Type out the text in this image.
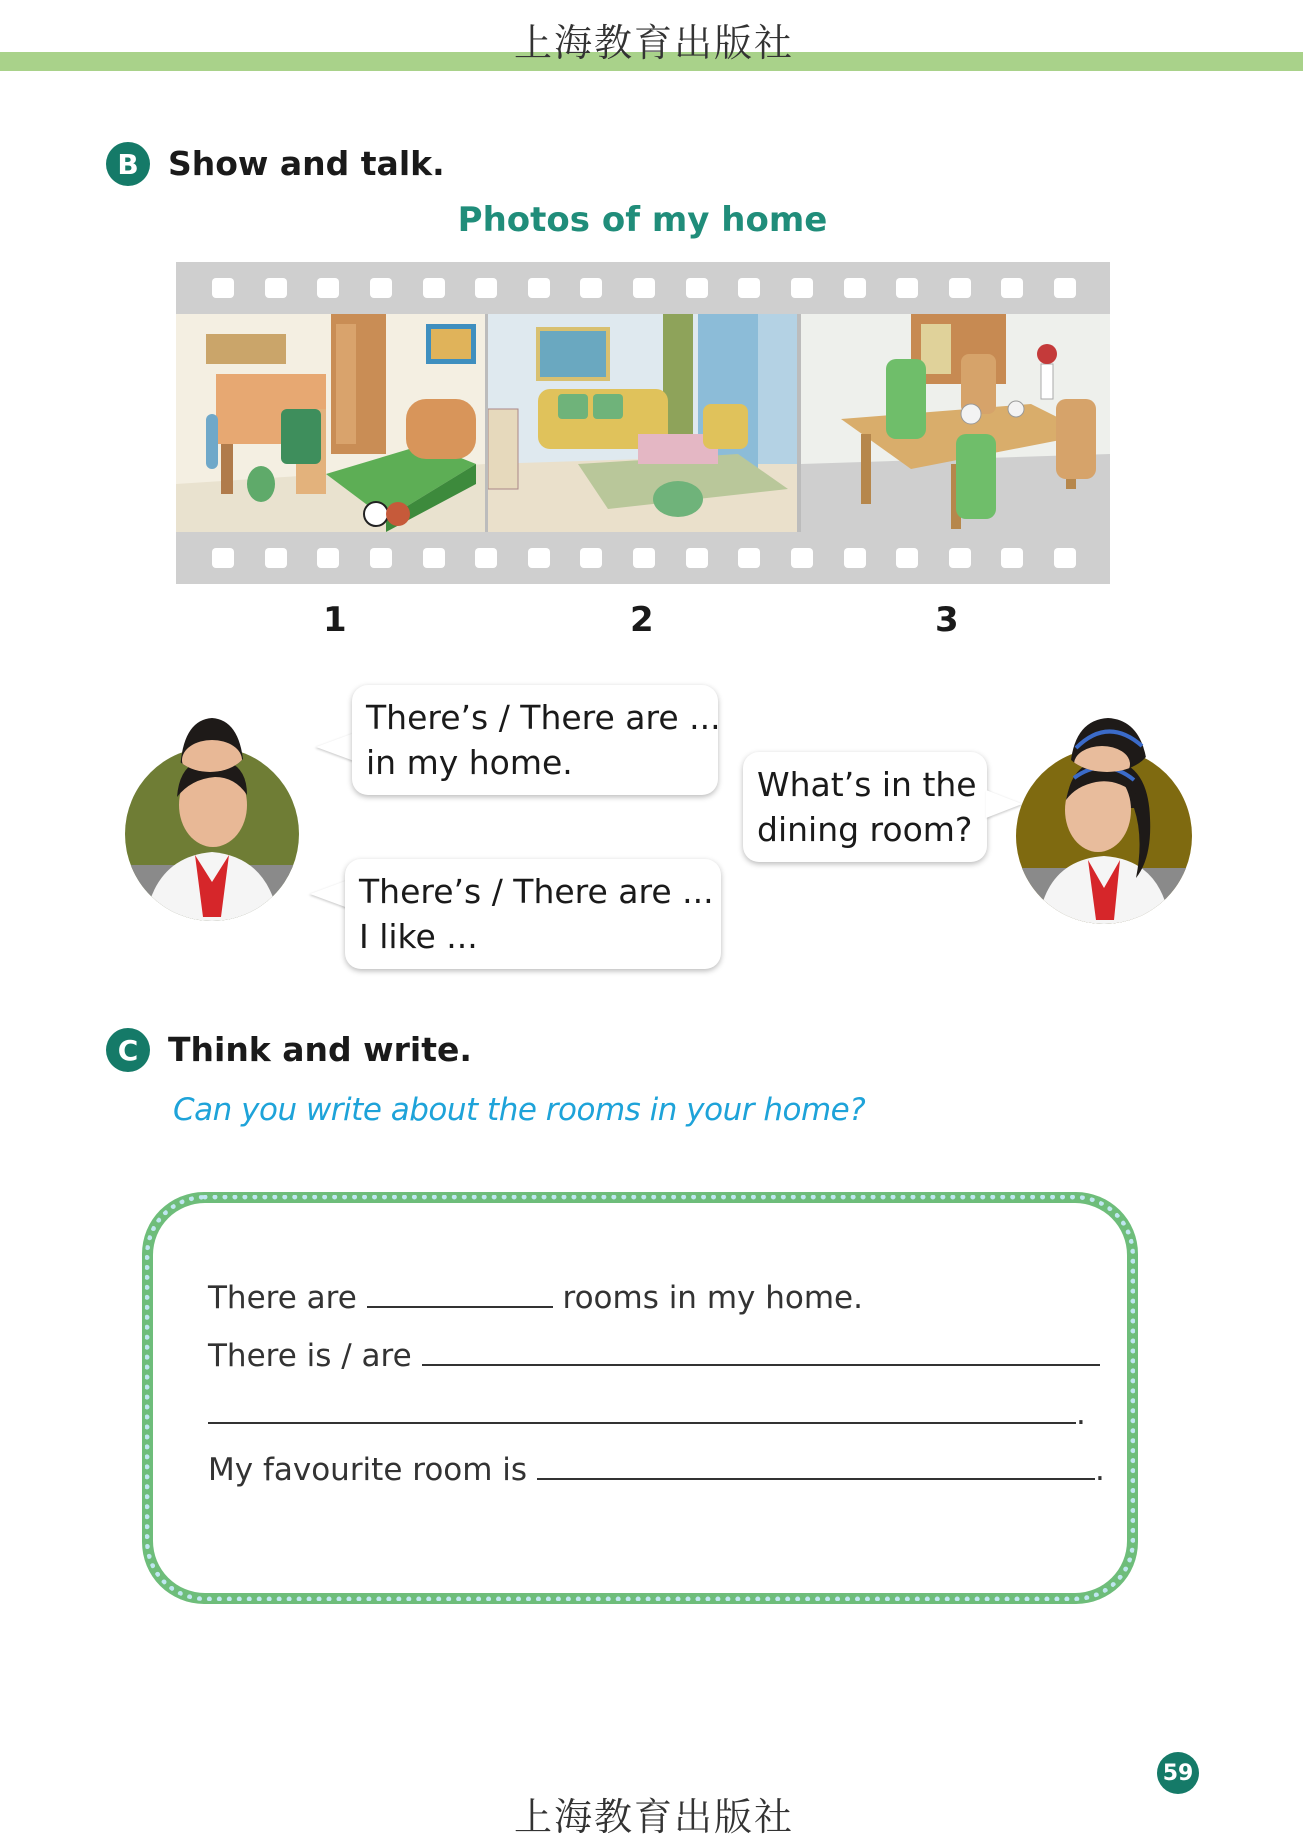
上海教育出版社
B Show and talk.
Photos of my home
1	2	3
There’s / There are ...
in my home.
There’s / There are ...
I like ...
What’s in the
dining room?
C Think and write.
Can you write about the rooms in your home?
There are	rooms in my home.
There is / are
.
My favourite room is	.
59
上海教育出版社
